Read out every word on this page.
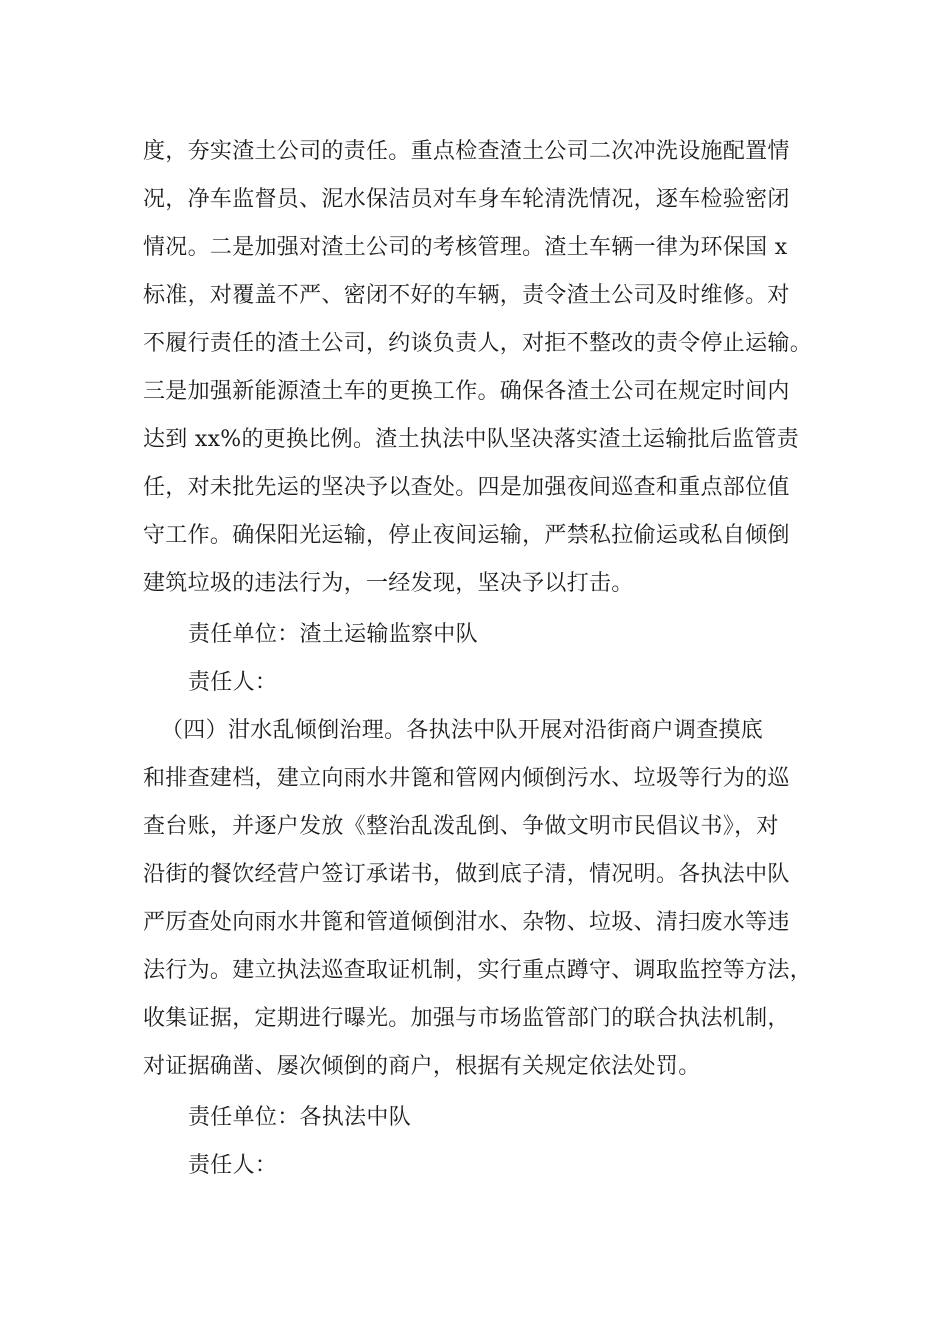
度，夯实渣土公司的责任。重点检查渣土公司二次冲洗设施配置情
况，净车监督员、泥水保洁员对车身车轮清洗情况，逐车检验密闭
情况。二是加强对渣土公司的考核管理。渣土车辆一律为环保国 x
标准，对覆盖不严、密闭不好的车辆，责令渣土公司及时维修。对
不履行责任的渣土公司，约谈负责人，对拒不整改的责令停止运输。
三是加强新能源渣土车的更换工作。确保各渣土公司在规定时间内
达到 xx%的更换比例。渣土执法中队坚决落实渣土运输批后监管责
任，对未批先运的坚决予以查处。四是加强夜间巡查和重点部位值
守工作。确保阳光运输，停止夜间运输，严禁私拉偷运或私自倾倒
建筑垃圾的违法行为，一经发现，坚决予以打击。
责任单位：渣土运输监察中队
责任人：
（四）泔水乱倾倒治理。各执法中队开展对沿街商户调查摸底
和排查建档，建立向雨水井篦和管网内倾倒污水、垃圾等行为的巡
查台账，并逐户发放《整治乱泼乱倒、争做文明市民倡议书》，对
沿街的餐饮经营户签订承诺书，做到底子清，情况明。各执法中队
严厉查处向雨水井篦和管道倾倒泔水、杂物、垃圾、清扫废水等违
法行为。建立执法巡查取证机制，实行重点蹲守、调取监控等方法，
收集证据，定期进行曝光。加强与市场监管部门的联合执法机制，
对证据确凿、屡次倾倒的商户，根据有关规定依法处罚。
责任单位：各执法中队
责任人：
